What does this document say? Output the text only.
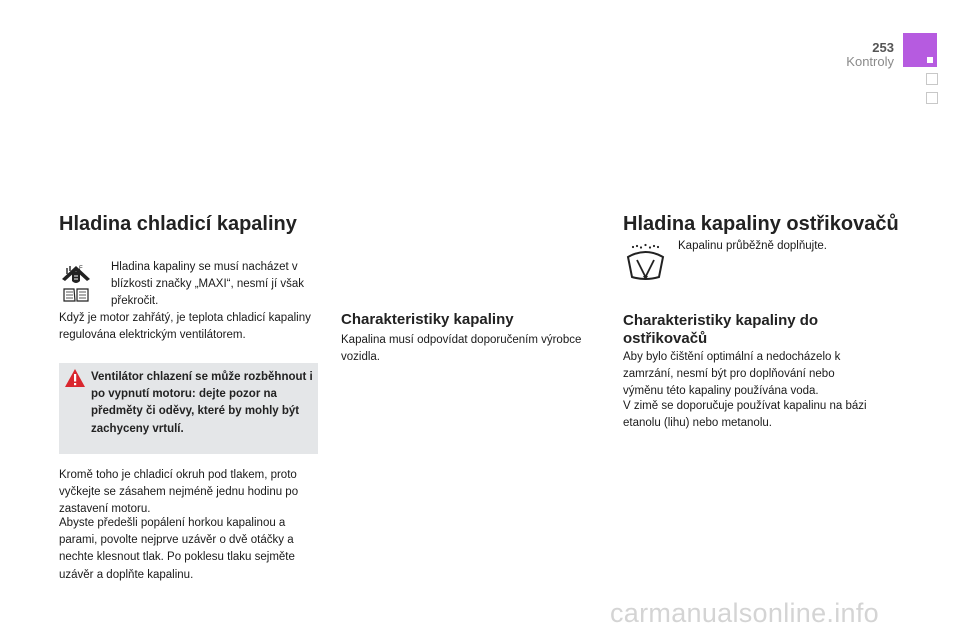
253
Kontroly
Hladina chladicí kapaliny
F Hladina kapaliny se musí nacházet v blízkosti značky „MAXI“, nesmí jí však překročit.
Když je motor zahřátý, je teplota chladicí kapaliny regulována elektrickým ventilátorem.
Ventilátor chlazení se může rozběhnout i po vypnutí motoru: dejte pozor na předměty či oděvy, které by mohly být zachyceny vrtulí.
Kromě toho je chladicí okruh pod tlakem, proto vyčkejte se zásahem nejméně jednu hodinu po zastavení motoru.
Abyste předešli popálení horkou kapalinou a parami, povolte nejprve uzávěr o dvě otáčky a nechte klesnout tlak. Po poklesu tlaku sejměte uzávěr a doplňte kapalinu.
Charakteristiky kapaliny
Kapalina musí odpovídat doporučením výrobce vozidla.
Hladina kapaliny ostřikovačů
Kapalinu průběžně doplňujte.
Charakteristiky kapaliny do ostřikovačů
Aby bylo čištění optimální a nedocházelo k zamrzání, nesmí být pro doplňování nebo výměnu této kapaliny používána voda.
V zimě se doporučuje používat kapalinu na bázi etanolu (lihu) nebo metanolu.
carmanualsonline.info
